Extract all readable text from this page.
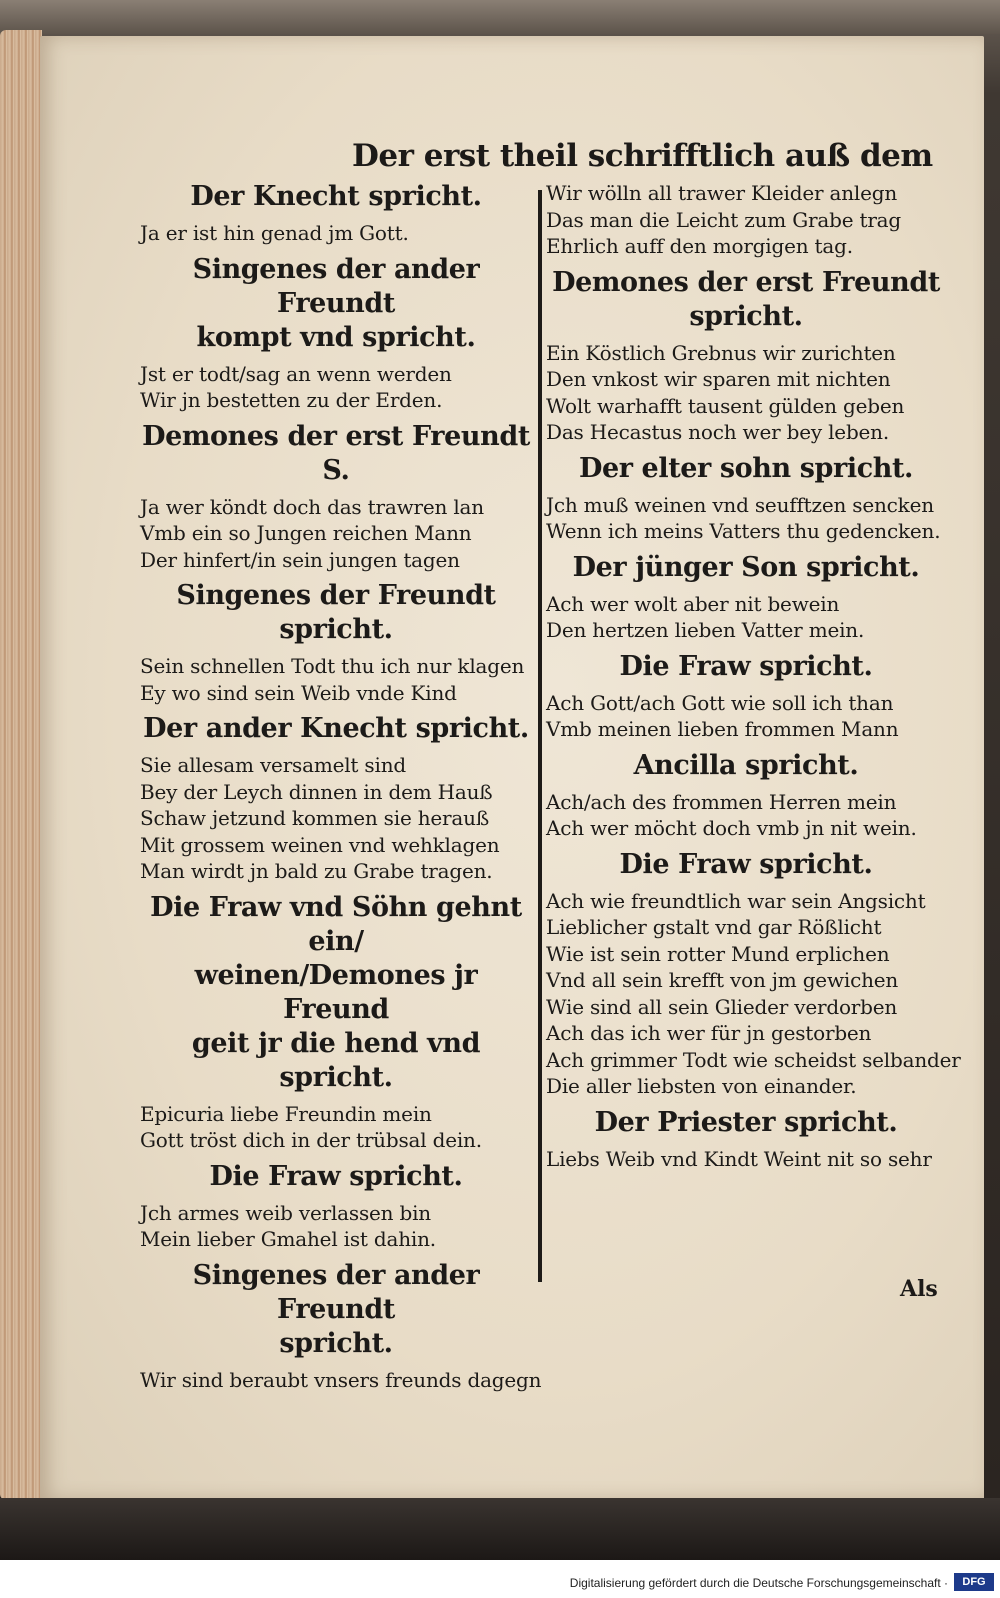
Der erst theil schrifftlich auß dem
Der Knecht spricht.
Ja er ist hin genad jm Gott.
Singenes der ander Freundt
kompt vnd spricht.
Jst er todt/sag an wenn werden
Wir jn bestetten zu der Erden.
Demones der erst Freundt S.
Ja wer köndt doch das trawren lan
Vmb ein so Jungen reichen Mann
Der hinfert/in sein jungen tagen
Singenes der Freundt spricht.
Sein schnellen Todt thu ich nur klagen
Ey wo sind sein Weib vnde Kind
Der ander Knecht spricht.
Sie allesam versamelt sind
Bey der Leych dinnen in dem Hauß
Schaw jetzund kommen sie herauß
Mit grossem weinen vnd wehklagen
Man wirdt jn bald zu Grabe tragen.
Die Fraw vnd Söhn gehnt ein/
weinen/Demones jr Freund
geit jr die hend vnd spricht.
Epicuria liebe Freundin mein
Gott tröst dich in der trübsal dein.
Die Fraw spricht.
Jch armes weib verlassen bin
Mein lieber Gmahel ist dahin.
Singenes der ander Freundt
spricht.
Wir sind beraubt vnsers freunds dagegn
Wir wölln all trawer Kleider anlegn
Das man die Leicht zum Grabe trag
Ehrlich auff den morgigen tag.
Demones der erst Freundt spricht.
Ein Köstlich Grebnus wir zurichten
Den vnkost wir sparen mit nichten
Wolt warhafft tausent gülden geben
Das Hecastus noch wer bey leben.
Der elter sohn spricht.
Jch muß weinen vnd seufftzen sencken
Wenn ich meins Vatters thu gedencken.
Der jünger Son spricht.
Ach wer wolt aber nit bewein
Den hertzen lieben Vatter mein.
Die Fraw spricht.
Ach Gott/ach Gott wie soll ich than
Vmb meinen lieben frommen Mann
Ancilla spricht.
Ach/ach des frommen Herren mein
Ach wer möcht doch vmb jn nit wein.
Die Fraw spricht.
Ach wie freundtlich war sein Angsicht
Lieblicher gstalt vnd gar Rößlicht
Wie ist sein rotter Mund erplichen
Vnd all sein krefft von jm gewichen
Wie sind all sein Glieder verdorben
Ach das ich wer für jn gestorben
Ach grimmer Todt wie scheidst selbander
Die aller liebsten von einander.
Der Priester spricht.
Liebs Weib vnd Kindt Weint nit so sehr
Als
Digitalisierung gefördert durch die Deutsche Forschungsgemeinschaft ·	DFG
